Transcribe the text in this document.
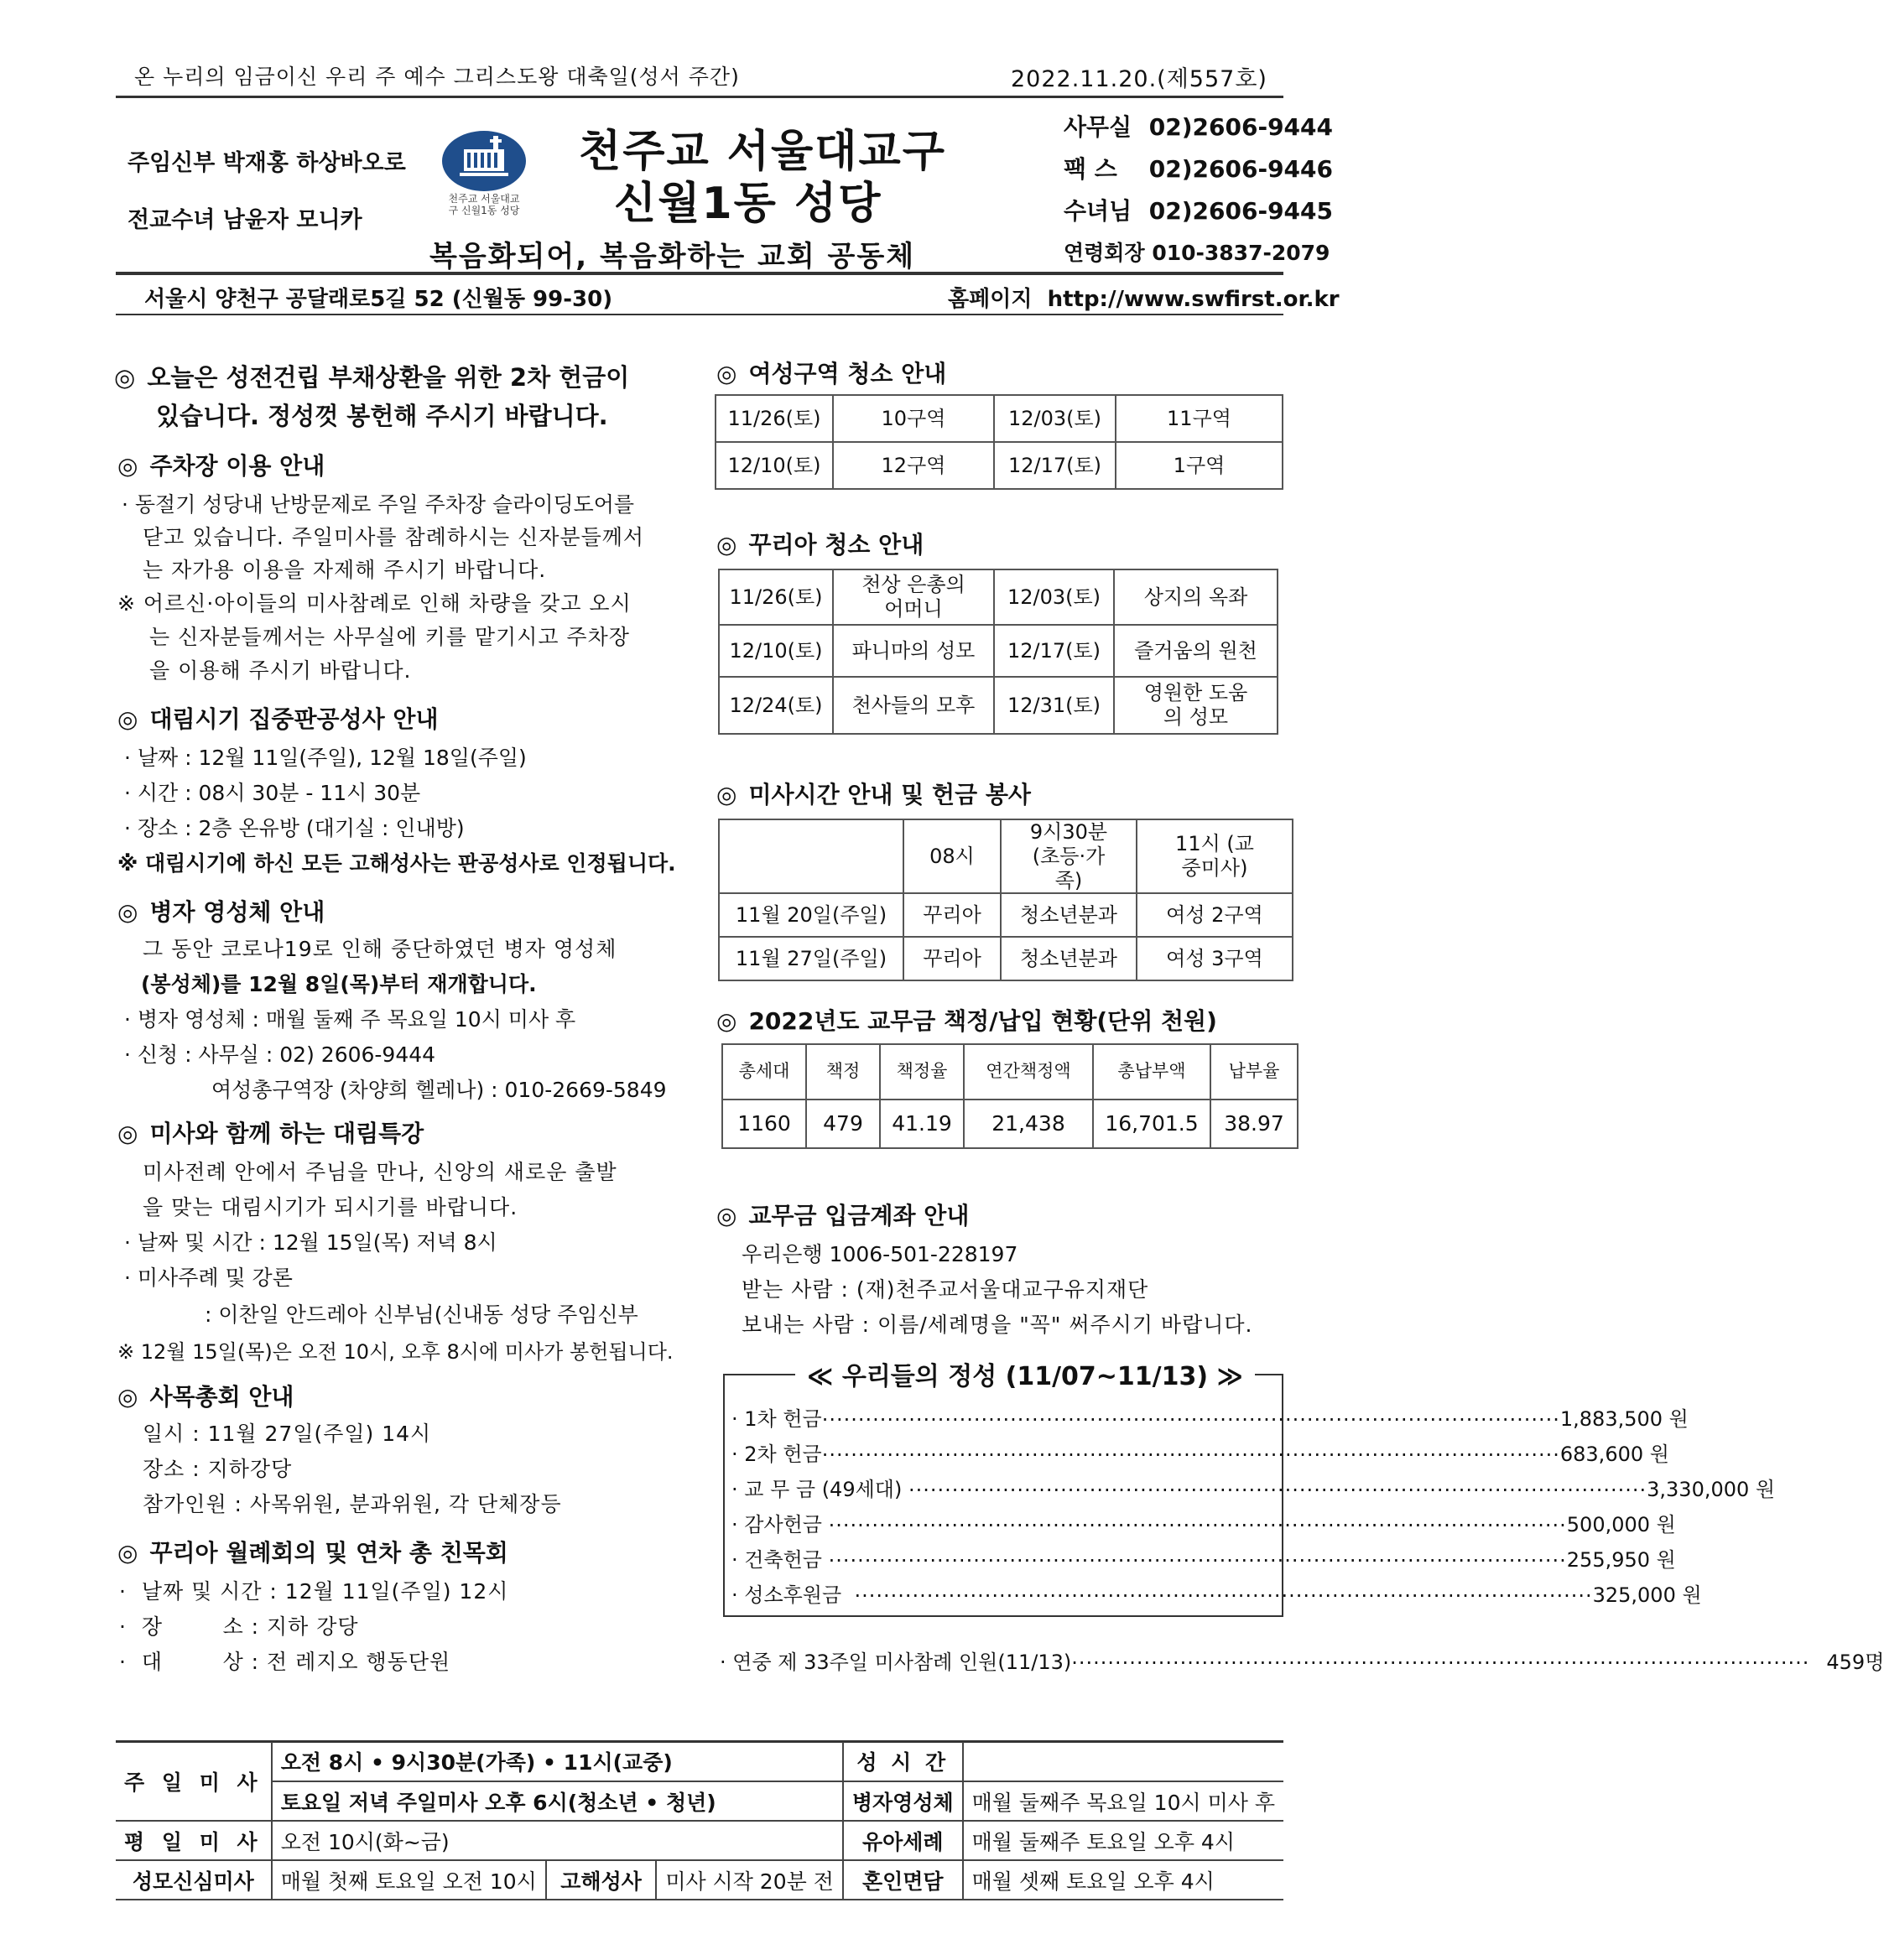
온 누리의 임금이신 우리 주 예수 그리스도왕 대축일(성서 주간)	2022.11.20.(제557호)
주임신부 박재홍 하상바오로
전교수녀 남윤자 모니카
천주교 서울대교구 신월1동 성당
천주교 서울대교구
신월1동 성당
사무실 02)2606-9444
팩 스 02)2606-9446
수녀님 02)2606-9445
연령회장 010-3837-2079
복음화되어, 복음화하는 교회 공동체
서울시 양천구 공달래로5길 52 (신월동 99-30)	홈페이지 http://www.swfirst.or.kr
◎ 오늘은 성전건립 부채상환을 위한 2차 헌금이
있습니다. 정성껏 봉헌해 주시기 바랍니다.
◎ 주차장 이용 안내
· 동절기 성당내 난방문제로 주일 주차장 슬라이딩도어를
닫고 있습니다. 주일미사를 참례하시는 신자분들께서
는 자가용 이용을 자제해 주시기 바랍니다.
※ 어르신·아이들의 미사참례로 인해 차량을 갖고 오시
는 신자분들께서는 사무실에 키를 맡기시고 주차장
을 이용해 주시기 바랍니다.
◎ 대림시기 집중판공성사 안내
· 날짜 : 12월 11일(주일), 12월 18일(주일)
· 시간 : 08시 30분 - 11시 30분
· 장소 : 2층 온유방 (대기실 : 인내방)
※ 대림시기에 하신 모든 고해성사는 판공성사로 인정됩니다.
◎ 병자 영성체 안내
그 동안 코로나19로 인해 중단하였던 병자 영성체
(봉성체)를 12월 8일(목)부터 재개합니다.
· 병자 영성체 : 매월 둘째 주 목요일 10시 미사 후
· 신청 : 사무실 : 02) 2606-9444
여성총구역장 (차양희 헬레나) : 010-2669-5849
◎ 미사와 함께 하는 대림특강
미사전례 안에서 주님을 만나, 신앙의 새로운 출발
을 맞는 대림시기가 되시기를 바랍니다.
· 날짜 및 시간 : 12월 15일(목) 저녁 8시
· 미사주례 및 강론
: 이찬일 안드레아 신부님(신내동 성당 주임신부
※ 12월 15일(목)은 오전 10시, 오후 8시에 미사가 봉헌됩니다.
◎ 사목총회 안내
일시 : 11월 27일(주일) 14시
장소 : 지하강당
참가인원 : 사목위원, 분과위원, 각 단체장등
◎ 꾸리아 월례회의 및 연차 총 친목회
·  날짜 및 시간 : 12월 11일(주일) 12시
·  장        소 : 지하 강당
·  대        상 : 전 레지오 행동단원
◎ 여성구역 청소 안내
11/26(토)	10구역	12/03(토)	11구역
12/10(토)	12구역	12/17(토)	1구역
◎ 꾸리아 청소 안내
11/26(토)	천상 은총의 어머니	12/03(토)	상지의 옥좌
12/10(토)	파니마의 성모	12/17(토)	즐거움의 원천
12/24(토)	천사들의 모후	12/31(토)	영원한 도움의 성모
◎ 미사시간 안내 및 헌금 봉사
	08시	9시30분 (초등·가족)	11시 (교중미사)
11월 20일(주일)	꾸리아	청소년분과	여성 2구역
11월 27일(주일)	꾸리아	청소년분과	여성 3구역
◎ 2022년도 교무금 책정/납입 현황(단위 천원)
총세대	책정	책정율	연간책정액	총납부액	납부율
1160	479	41.19	21,438	16,701.5	38.97
◎ 교무금 입금계좌 안내
우리은행 1006-501-228197
받는 사람 : (재)천주교서울대교구유지재단
보내는 사람 : 이름/세례명을 "꼭" 써주시기 바랍니다.
≪ 우리들의 정성 (11/07~11/13) ≫
· 1차 헌금 ...................................................................................................... 1,883,500 원
· 2차 헌금 ...................................................................................................... 683,600 원
· 교 무 금 (49세대) ...................................................................................................... 3,330,000 원
· 감사헌금 ...................................................................................................... 500,000 원
· 건축헌금 ...................................................................................................... 255,950 원
· 성소후원금 ...................................................................................................... 325,000 원
· 연중 제 33주일 미사참례 인원(11/13) ...................................................................................................... 459명
주 일 미 사	오전 8시 • 9시30분(가족) • 11시(교중)			성 시 간	
	토요일 저녁 주일미사 오후 6시(청소년 • 청년)			병자영성체	매월 둘째주 목요일 10시 미사 후
평 일 미 사	오전 10시(화~금)			유아세례	매월 둘째주 토요일 오후 4시
성모신심미사	매월 첫째 토요일 오전 10시	고해성사	미사 시작 20분 전	혼인면담	매월 셋째 토요일 오후 4시
